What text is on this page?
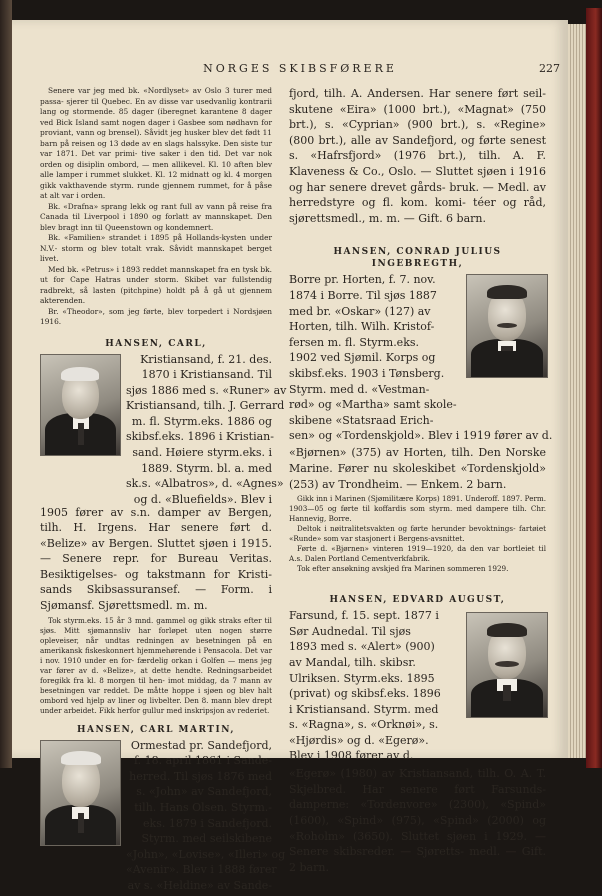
NORGES SKIBSFØRERE	227

Senere var jeg med bk. «Nordlyset» av Oslo 3 turer med passa- sjerer til Quebec. En av disse var usedvanlig kontrarii lang og stormende. 85 dager (iberegnet karantene 8 dager ved Bick Island samt nogen dager i Gasbee som nødhavn for proviant, vann og brensel). Såvidt jeg husker blev det født 11 barn på reisen og 13 døde av en slags halssyke. Den siste tur var 1871. Det var primi- tive saker i den tid. Det var nok orden og disiplin ombord, — men allikevel. Kl. 10 aften blev alle lamper i rummet slukket. Kl. 12 midnatt og kl. 4 morgen gikk vakthavende styrm. runde gjennem rummet, for å påse at alt var i orden.

Bk. «Drafna» sprang lekk og rant full av vann på reise fra Canada til Liverpool i 1890 og forlatt av mannskapet. Den blev bragt inn til Queenstown og kondemnert.

Bk. «Familien» strandet i 1895 på Hollands-kysten under N.V.- storm og blev totalt vrak. Såvidt mannskapet berget livet.

Med bk. «Petrus» i 1893 reddet mannskapet fra en tysk bk. ut for Cape Hatras under storm. Skibet var fullstendig radbrekt, så lasten (pitchpine) holdt på å gå ut gjennem akterenden.

Br. «Theodor», som jeg førte, blev torpedert i Nordsjøen 1916.

HANSEN, CARL,
Kristiansand, f. 21. des.
1870 i Kristiansand. Til
sjøs 1886 med s. «Runer» av
Kristiansand, tilh. J. Gerrard
m. fl. Styrm.eks. 1886 og
skibsf.eks. 1896 i Kristian-
sand. Høiere styrm.eks. i
1889. Styrm. bl. a. med
sk.s. «Albatros», d. «Agnes»
og d. «Bluefields». Blev i

1905 fører av s.n. damper av Bergen, tilh. H. Irgens. Har senere ført d. «Belize» av Bergen. Sluttet sjøen i 1915. — Senere repr. for Bureau Veritas. Besiktigelses- og takstmann for Kristi- sands Skibsassuransef. — Form. i Sjømansf. Sjørettsmedl. m. m.

Tok styrm.eks. 15 år 3 mnd. gammel og gikk straks efter til sjøs. Mitt sjømannsliv har forløpet uten nogen større opleveiser, når undtas redningen av besetningen på en amerikansk fiskeskonnert hjemmehørende i Pensacola. Det var i nov. 1910 under en for- færdelig orkan i Golfen — mens jeg var fører av d. «Belize», at dette hendte. Redningsarbeidet foregikk fra kl. 8 morgen til hen- imot middag, da 7 mann av besetningen var reddet. De måtte hoppe i sjøen og blev halt ombord ved hjelp av liner og livbelter. Den 8. mann blev drept under arbeidet. Fikk herfor gullur med inskripsjon av rederiet.

HANSEN, CARL MARTIN,
Ormestad pr. Sandefjord,
f. 18. april 1861 i Sande-
herred. Til sjøs 1876 med
s. «John» av Sandefjord,
tilh. Hans Olsen. Styrm.-
eks. 1879 i Sandefjord.
Styrm. med seilskibene
«John», «Lovise», «Illeri» og
«Avenir». Blev i 1888 fører
av s. «Heldine» av Sande-

fjord, tilh. A. Andersen. Har senere ført seil- skutene «Eira» (1000 brt.), «Magnat» (750 brt.), s. «Cyprian» (900 brt.), s. «Regine» (800 brt.), alle av Sandefjord, og førte senest s. «Hafrsfjord» (1976 brt.), tilh. A. F. Klaveness & Co., Oslo. — Sluttet sjøen i 1916 og har senere drevet gårds- bruk. — Medl. av herredstyre og fl. kom. komi- téer og råd, sjørettsmedl., m. m. — Gift. 6 barn.

HANSEN, CONRAD JULIUS
INGEBREGTH,
Borre pr. Horten, f. 7. nov.
1874 i Borre. Til sjøs 1887
med br. «Oskar» (127) av
Horten, tilh. Wilh. Kristof-
fersen m. fl. Styrm.eks.
1902 ved Sjømil. Korps og
skibsf.eks. 1903 i Tønsberg.
Styrm. med d. «Vestman-
rød» og «Martha» samt skole-
skibene «Statsraad Erich-
sen» og «Tordenskjold». Blev i 1919 fører av d.

«Bjørnen» (375) av Horten, tilh. Den Norske Marine. Fører nu skoleskibet «Tordenskjold» (253) av Trondheim. — Enkem. 2 barn.

Gikk inn i Marinen (Sjømilitære Korps) 1891. Underoff. 1897. Perm. 1903—05 og førte til koffardis som styrm. med dampere tilh. Chr. Hannevig, Borre.

Deltok i nøitralitetsvakten og førte herunder bevoktnings- fartøiet «Runde» som var stasjonert i Bergens-avsnittet.

Førte d. «Bjørnen» vinteren 1919—1920, da den var bortleiet til A.s. Dalen Portland Cementverkfabrik.

Tok efter ansøkning avskjed fra Marinen sommeren 1929.

HANSEN, EDVARD AUGUST,
Farsund, f. 15. sept. 1877 i
Sør Audnedal. Til sjøs
1893 med s. «Alert» (900)
av Mandal, tilh. skibsr.
Ulriksen. Styrm.eks. 1895
(privat) og skibsf.eks. 1896
i Kristiansand. Styrm. med
s. «Ragna», s. «Orknøi», s.
«Hjørdis» og d. «Egerø».
Blev i 1908 fører av d.

«Egerø» (1980) av Kristiansand, tilh. O. A. T. Skjelbred. Har senere ført Farsunds-damperne: «Tordenvore» (2300), «Spind» (1600), «Spind» (975), «Spind» (2000) og «Roholm» (3650). Sluttet sjøen i 1929. — Senere skibsreder. — Sjøretts- medl. — Gift. 2 barn.
